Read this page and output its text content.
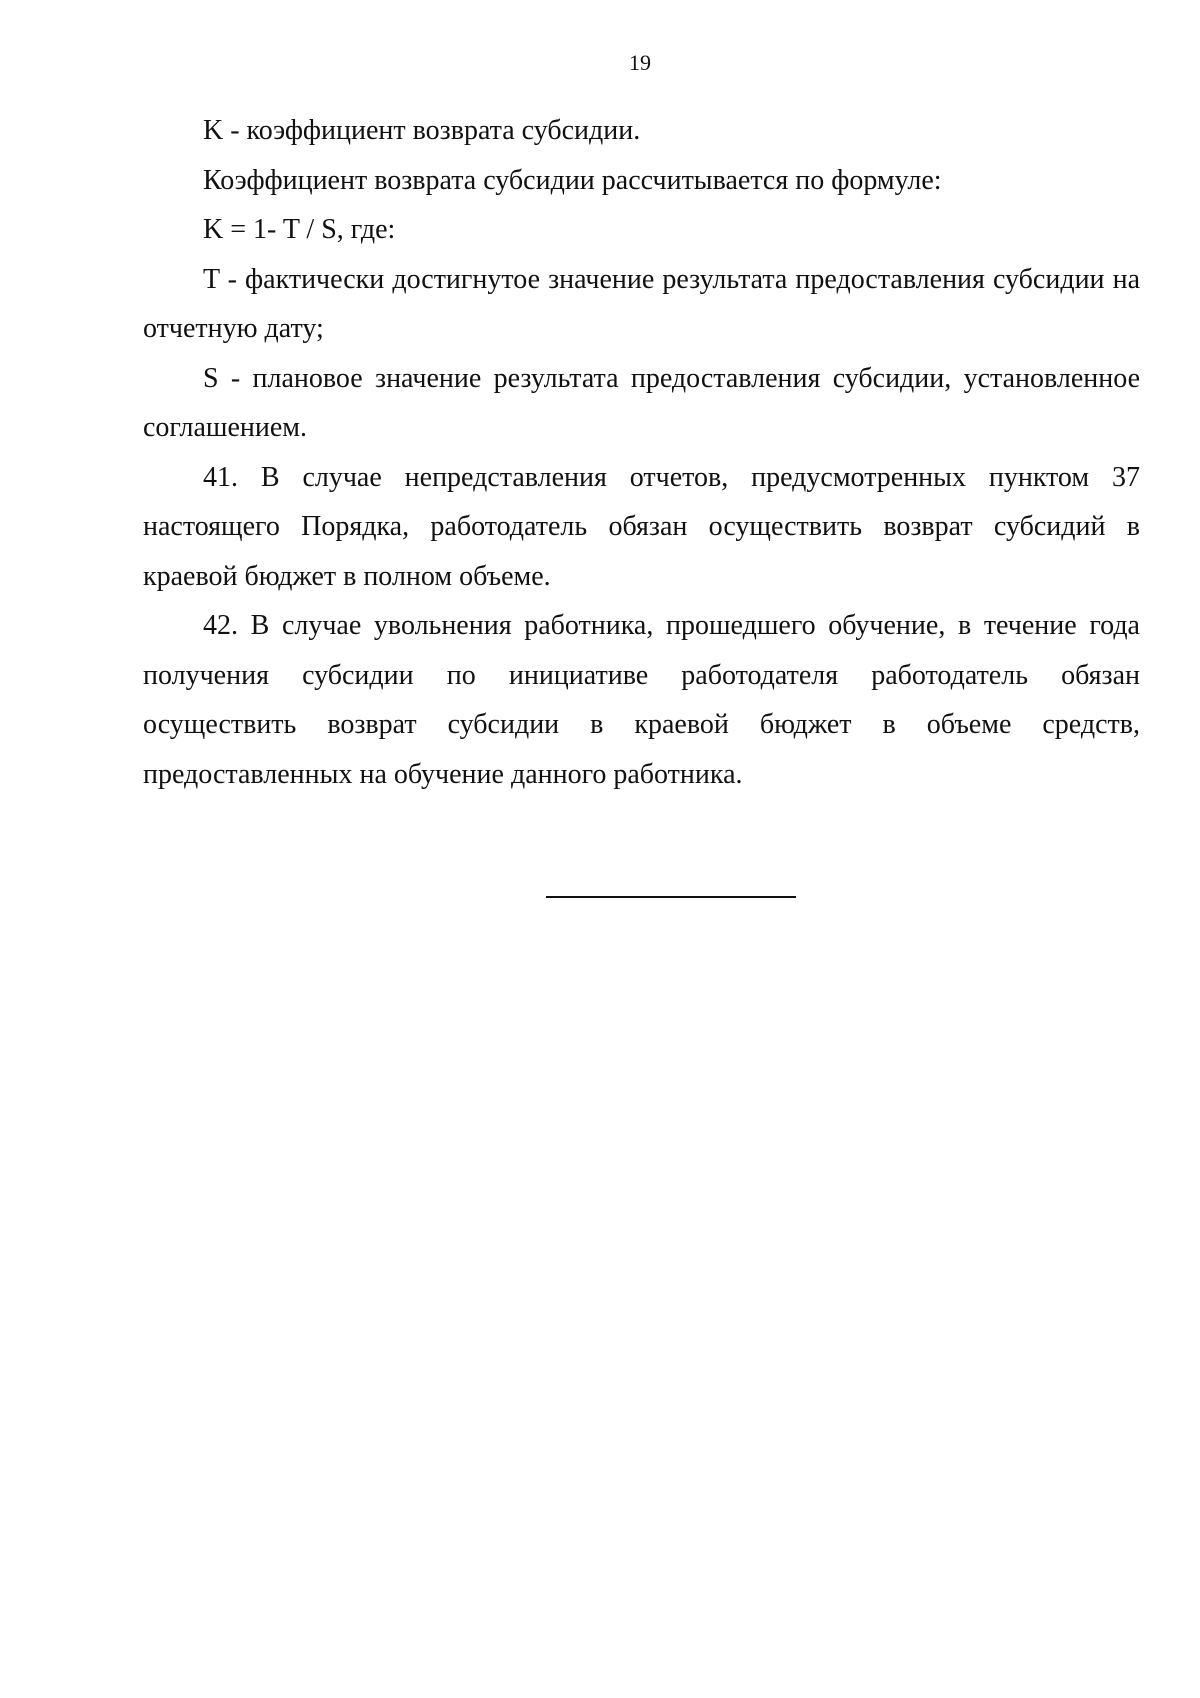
19

K - коэффициент возврата субсидии.

Коэффициент возврата субсидии рассчитывается по формуле:

K = 1- T / S, где:

T - фактически достигнутое значение результата предоставления субсидии на отчетную дату;

S - плановое значение результата предоставления субсидии, установленное соглашением.

41. В случае непредставления отчетов, предусмотренных пунктом 37 настоящего Порядка, работодатель обязан осуществить возврат субсидий в краевой бюджет в полном объеме.

42. В случае увольнения работника, прошедшего обучение, в течение года получения субсидии по инициативе работодателя работодатель обязан осуществить возврат субсидии в краевой бюджет в объеме средств, предоставленных на обучение данного работника.
